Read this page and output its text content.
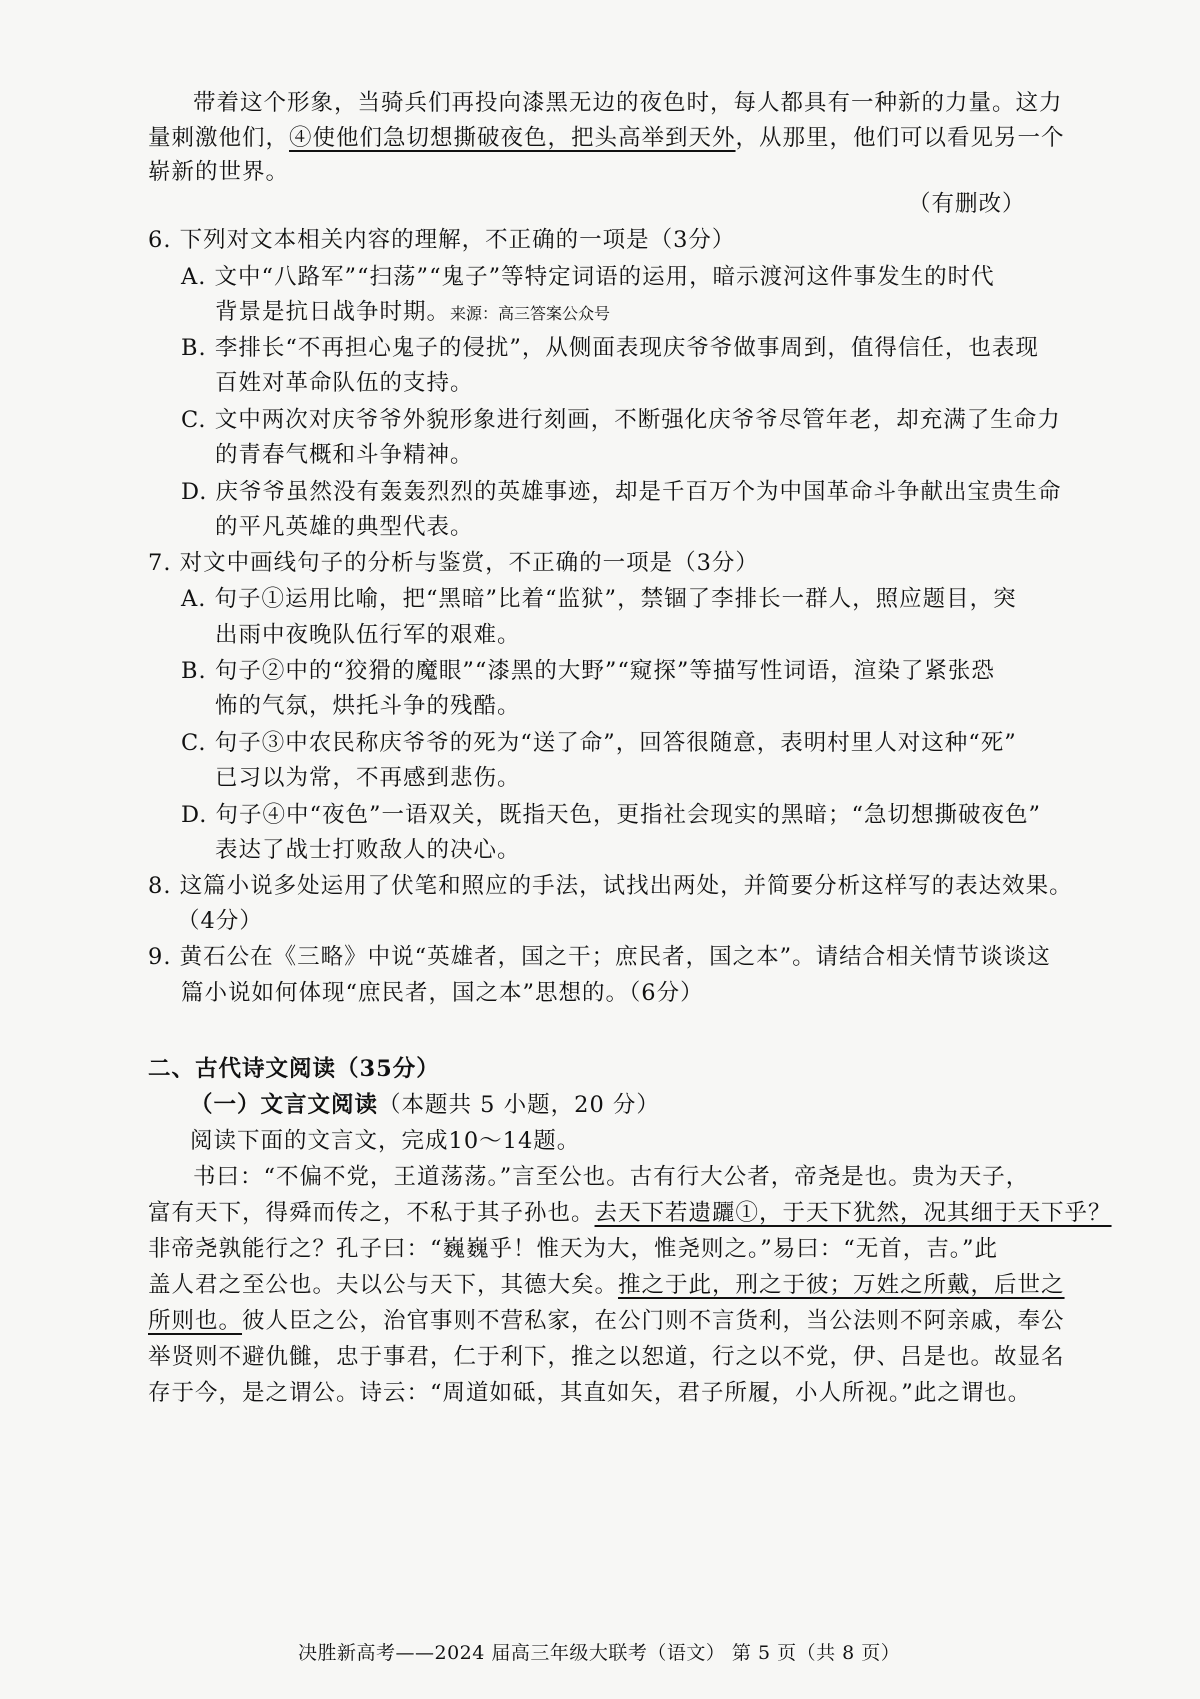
带着这个形象，当骑兵们再投向漆黑无边的夜色时，每人都具有一种新的力量。这力
量刺激他们，④使他们急切想撕破夜色，把头高举到天外，从那里，他们可以看见另一个
崭新的世界。
（有删改）
6. 下列对文本相关内容的理解，不正确的一项是（3分）
A. 文中“八路军”“扫荡”“鬼子”等特定词语的运用，暗示渡河这件事发生的时代
背景是抗日战争时期。来源：高三答案公众号
B. 李排长“不再担心鬼子的侵扰”，从侧面表现庆爷爷做事周到，值得信任，也表现
百姓对革命队伍的支持。
C. 文中两次对庆爷爷外貌形象进行刻画，不断强化庆爷爷尽管年老，却充满了生命力
的青春气概和斗争精神。
D. 庆爷爷虽然没有轰轰烈烈的英雄事迹，却是千百万个为中国革命斗争献出宝贵生命
的平凡英雄的典型代表。
7. 对文中画线句子的分析与鉴赏，不正确的一项是（3分）
A. 句子①运用比喻，把“黑暗”比着“监狱”，禁锢了李排长一群人，照应题目，突
出雨中夜晚队伍行军的艰难。
B. 句子②中的“狡猾的魔眼”“漆黑的大野”“窥探”等描写性词语，渲染了紧张恐
怖的气氛，烘托斗争的残酷。
C. 句子③中农民称庆爷爷的死为“送了命”，回答很随意，表明村里人对这种“死”
已习以为常，不再感到悲伤。
D. 句子④中“夜色”一语双关，既指天色，更指社会现实的黑暗；“急切想撕破夜色”
表达了战士打败敌人的决心。
8. 这篇小说多处运用了伏笔和照应的手法，试找出两处，并简要分析这样写的表达效果。
（4分）
9. 黄石公在《三略》中说“英雄者，国之干；庶民者，国之本”。请结合相关情节谈谈这
篇小说如何体现“庶民者，国之本”思想的。（6分）
二、古代诗文阅读（35分）
（一）文言文阅读（本题共 5 小题，20 分）
阅读下面的文言文，完成10～14题。
书曰：“不偏不党，王道荡荡。”言至公也。古有行大公者，帝尧是也。贵为天子，
富有天下，得舜而传之，不私于其子孙也。去天下若遗躧①，于天下犹然，况其细于天下乎？
非帝尧孰能行之？孔子曰：“巍巍乎！惟天为大，惟尧则之。”易曰：“无首，吉。”此
盖人君之至公也。夫以公与天下，其德大矣。推之于此，刑之于彼；万姓之所戴，后世之
所则也。彼人臣之公，治官事则不营私家，在公门则不言货利，当公法则不阿亲戚，奉公
举贤则不避仇雠，忠于事君，仁于利下，推之以恕道，行之以不党，伊、吕是也。故显名
存于今，是之谓公。诗云：“周道如砥，其直如矢，君子所履，小人所视。”此之谓也。
决胜新高考——2024 届高三年级大联考（语文） 第 5 页（共 8 页）
